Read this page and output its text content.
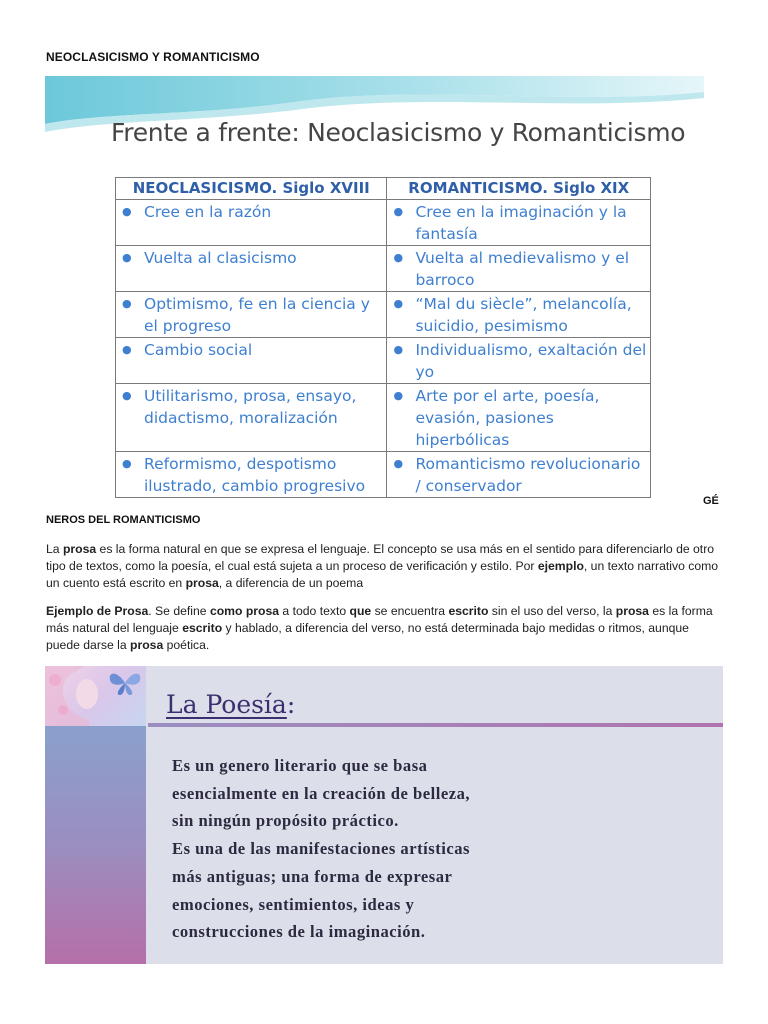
NEOCLASICISMO Y ROMANTICISMO
Frente a frente: Neoclasicismo y Romanticismo
NEOCLASICISMO. Siglo XVIII	ROMANTICISMO. Siglo XIX

● Cree en la razón	● Cree en la imaginación y la fantasía

● Vuelta al clasicismo	● Vuelta al medievalismo y el barroco

● Optimismo, fe en la ciencia y el progreso	● “Mal du siècle”, melancolía, suicidio, pesimismo

● Cambio social	● Individualismo, exaltación del yo

● Utilitarismo, prosa, ensayo, didactismo, moralización	● Arte por el arte, poesía, evasión, pasiones hiperbólicas

● Reformismo, despotismo ilustrado, cambio progresivo	● Romanticismo revolucionario / conservador
GÉ
NEROS DEL ROMANTICISMO
La prosa es la forma natural en que se expresa el lenguaje. El concepto se usa más en el sentido para diferenciarlo de otro tipo de textos, como la poesía, el cual está sujeta a un proceso de verificación y estilo. Por ejemplo, un texto narrativo como un cuento está escrito en prosa, a diferencia de un poema
Ejemplo de Prosa. Se define como prosa a todo texto que se encuentra escrito sin el uso del verso, la prosa es la forma más natural del lenguaje escrito y hablado, a diferencia del verso, no está determinada bajo medidas o ritmos, aunque puede darse la prosa poética.
La Poesía:
Es un genero literario que se basa
esencialmente en la creación de belleza,
sin ningún propósito práctico.
Es una de las manifestaciones artísticas
más antiguas; una forma de expresar
emociones, sentimientos, ideas y
construcciones de la imaginación.
